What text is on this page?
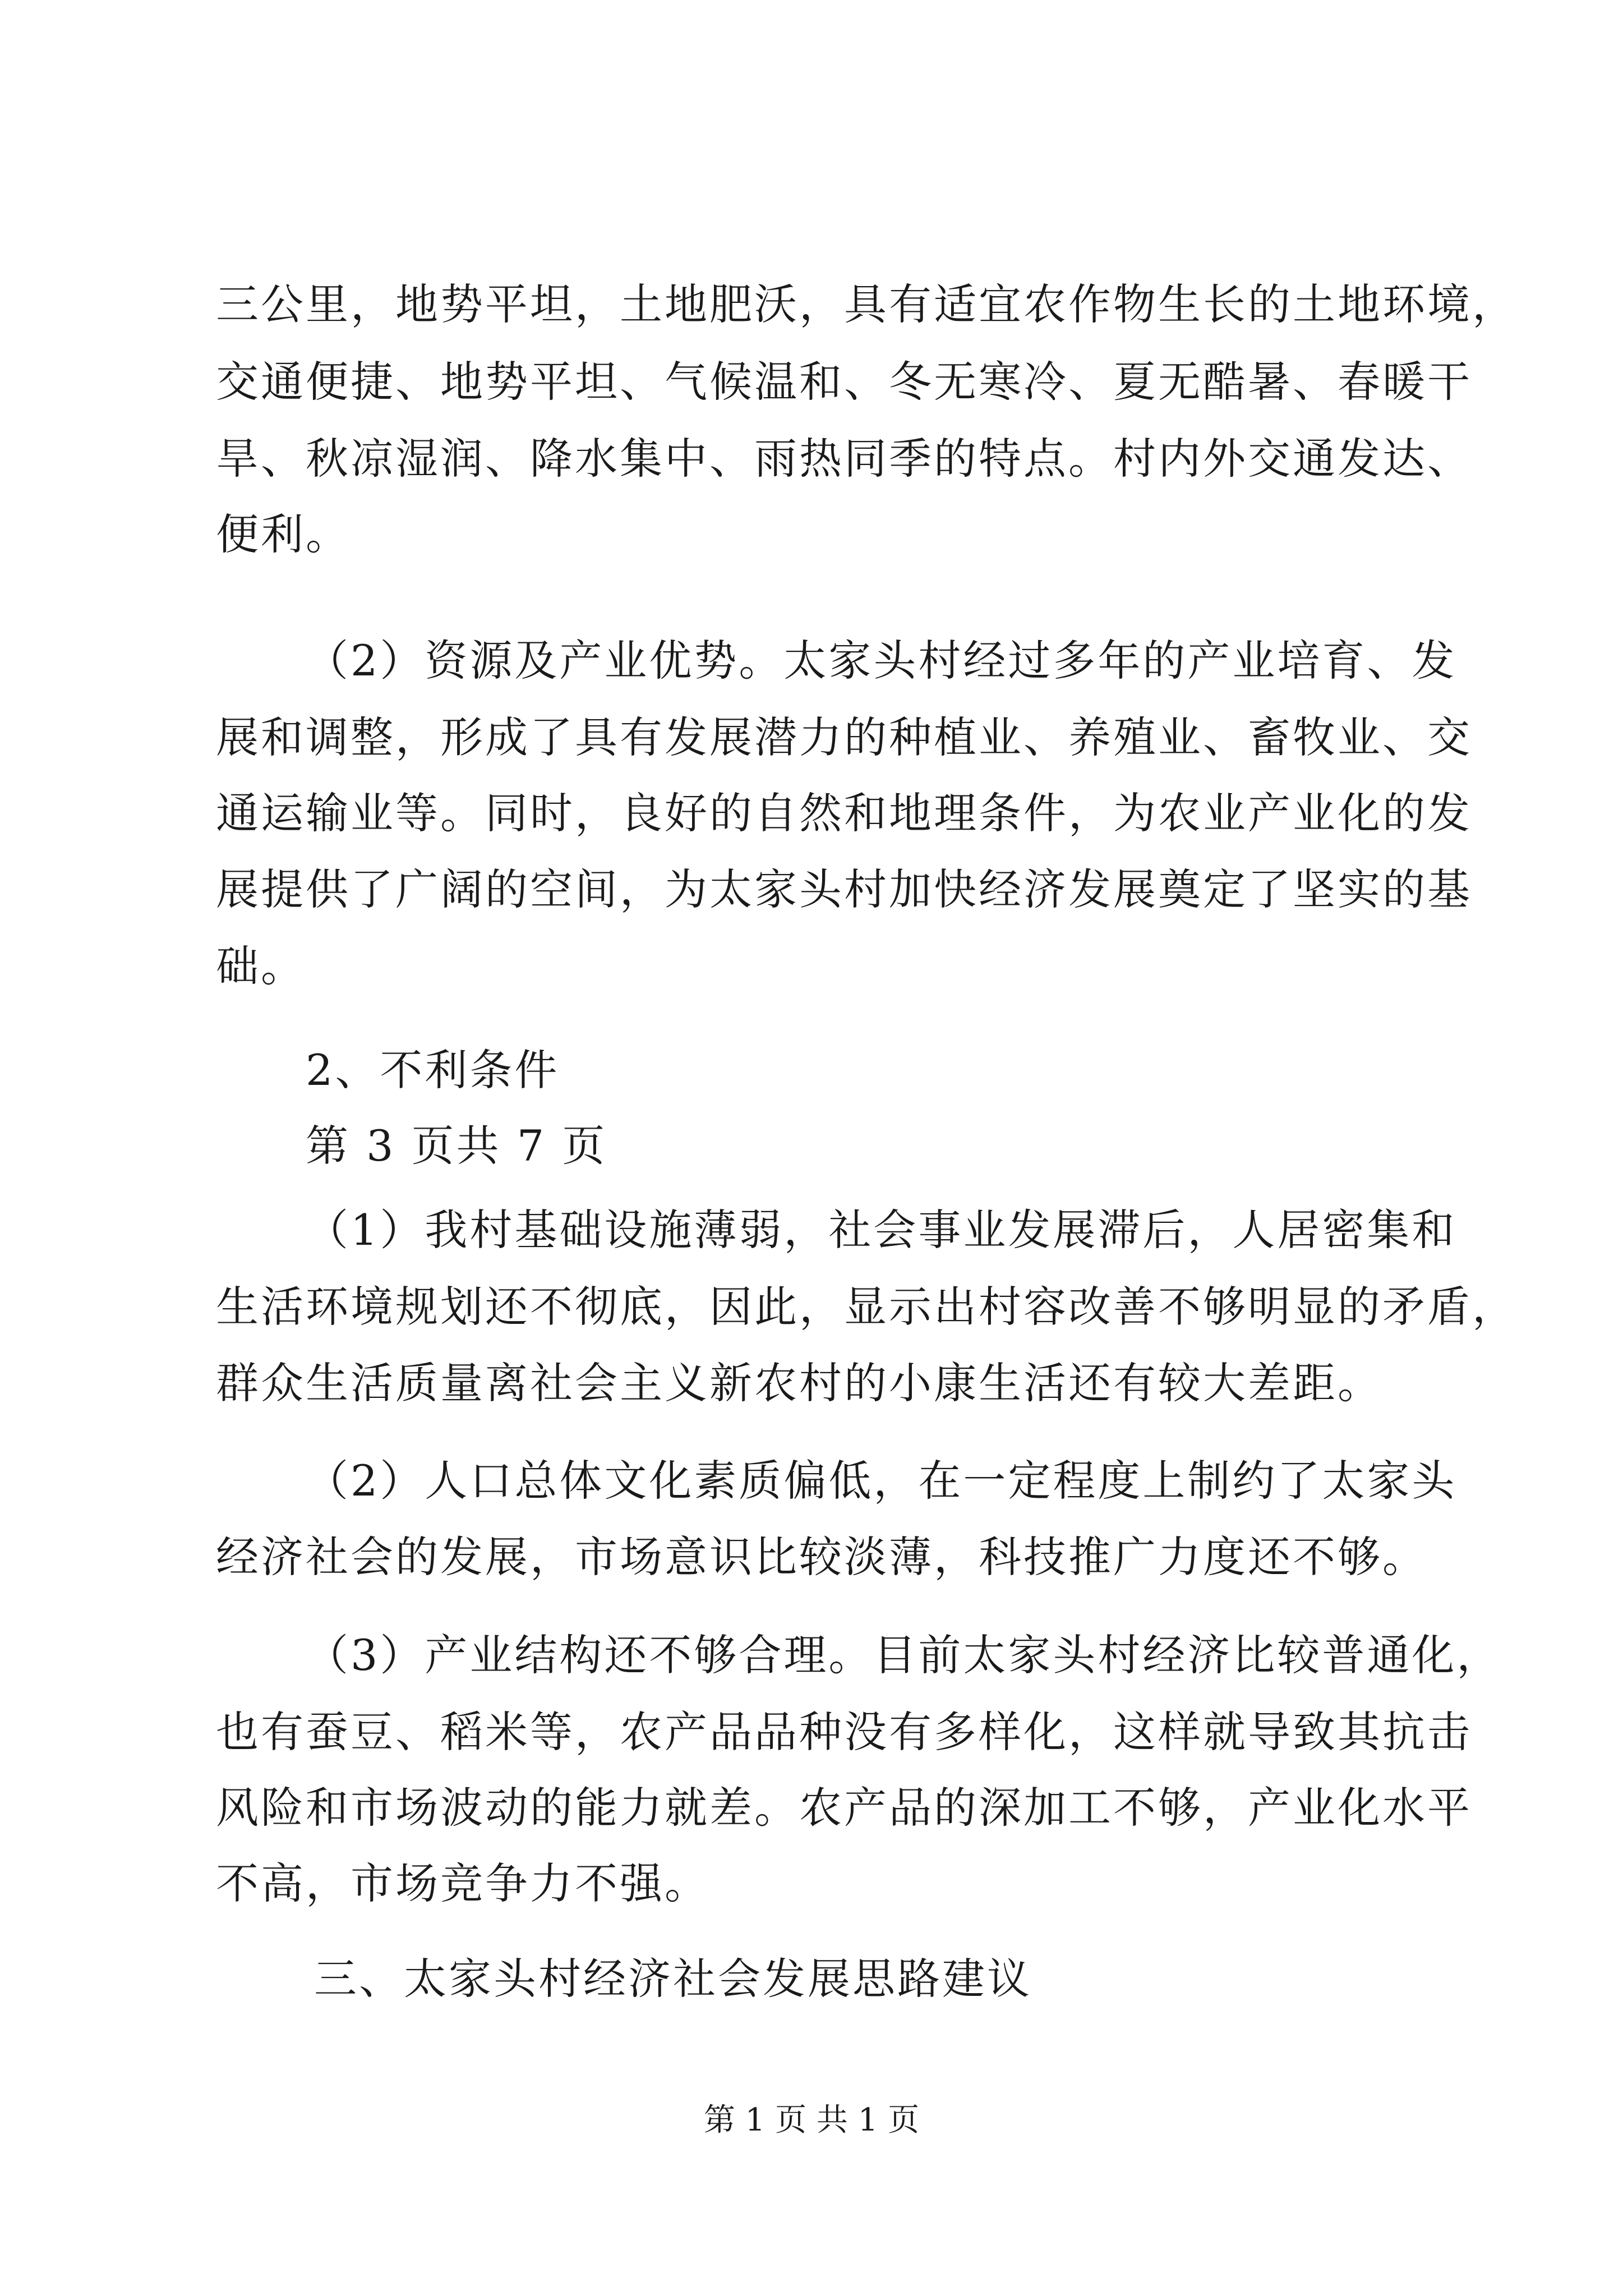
三公里，地势平坦，土地肥沃，具有适宜农作物生长的土地环境，
交通便捷、地势平坦、气候温和、冬无寒冷、夏无酷暑、春暖干
旱、秋凉湿润、降水集中、雨热同季的特点。村内外交通发达、
便利。
（2）资源及产业优势。太家头村经过多年的产业培育、发
展和调整，形成了具有发展潜力的种植业、养殖业、畜牧业、交
通运输业等。同时，良好的自然和地理条件，为农业产业化的发
展提供了广阔的空间，为太家头村加快经济发展奠定了坚实的基
础。
2、不利条件
第 3 页共 7 页
（1）我村基础设施薄弱，社会事业发展滞后，人居密集和
生活环境规划还不彻底，因此，显示出村容改善不够明显的矛盾，
群众生活质量离社会主义新农村的小康生活还有较大差距。
（2）人口总体文化素质偏低，在一定程度上制约了太家头
经济社会的发展，市场意识比较淡薄，科技推广力度还不够。
（3）产业结构还不够合理。目前太家头村经济比较普通化，
也有蚕豆、稻米等，农产品品种没有多样化，这样就导致其抗击
风险和市场波动的能力就差。农产品的深加工不够，产业化水平
不高，市场竞争力不强。
三、太家头村经济社会发展思路建议
第 1 页 共 1 页
